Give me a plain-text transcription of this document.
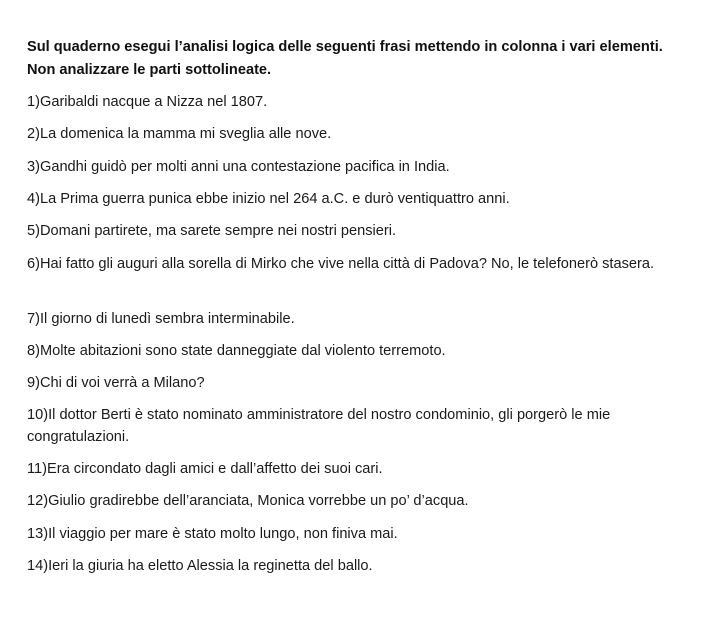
Sul quaderno esegui l’analisi logica delle seguenti frasi mettendo in colonna i vari elementi. Non analizzare le parti sottolineate.

1)Garibaldi nacque a Nizza nel 1807.

2)La domenica la mamma mi sveglia alle nove.

3)Gandhi guidò per molti anni una contestazione pacifica in India.

4)La Prima guerra punica ebbe inizio nel 264 a.C. e durò ventiquattro anni.

5)Domani partirete, ma sarete sempre nei nostri pensieri.

6)Hai fatto gli auguri alla sorella di Mirko che vive nella città di Padova? No, le telefonerò stasera.

7)Il giorno di lunedì sembra interminabile.

8)Molte abitazioni sono state danneggiate dal violento terremoto.

9)Chi di voi verrà a Milano?

10)Il dottor Berti è stato nominato amministratore del nostro condominio, gli porgerò le mie congratulazioni.

11)Era circondato dagli amici e dall’affetto dei suoi cari.

12)Giulio gradirebbe dell’aranciata, Monica vorrebbe un po’ d’acqua.

13)Il viaggio per mare è stato molto lungo, non finiva mai.

14)Ieri la giuria ha eletto Alessia la reginetta del ballo.
